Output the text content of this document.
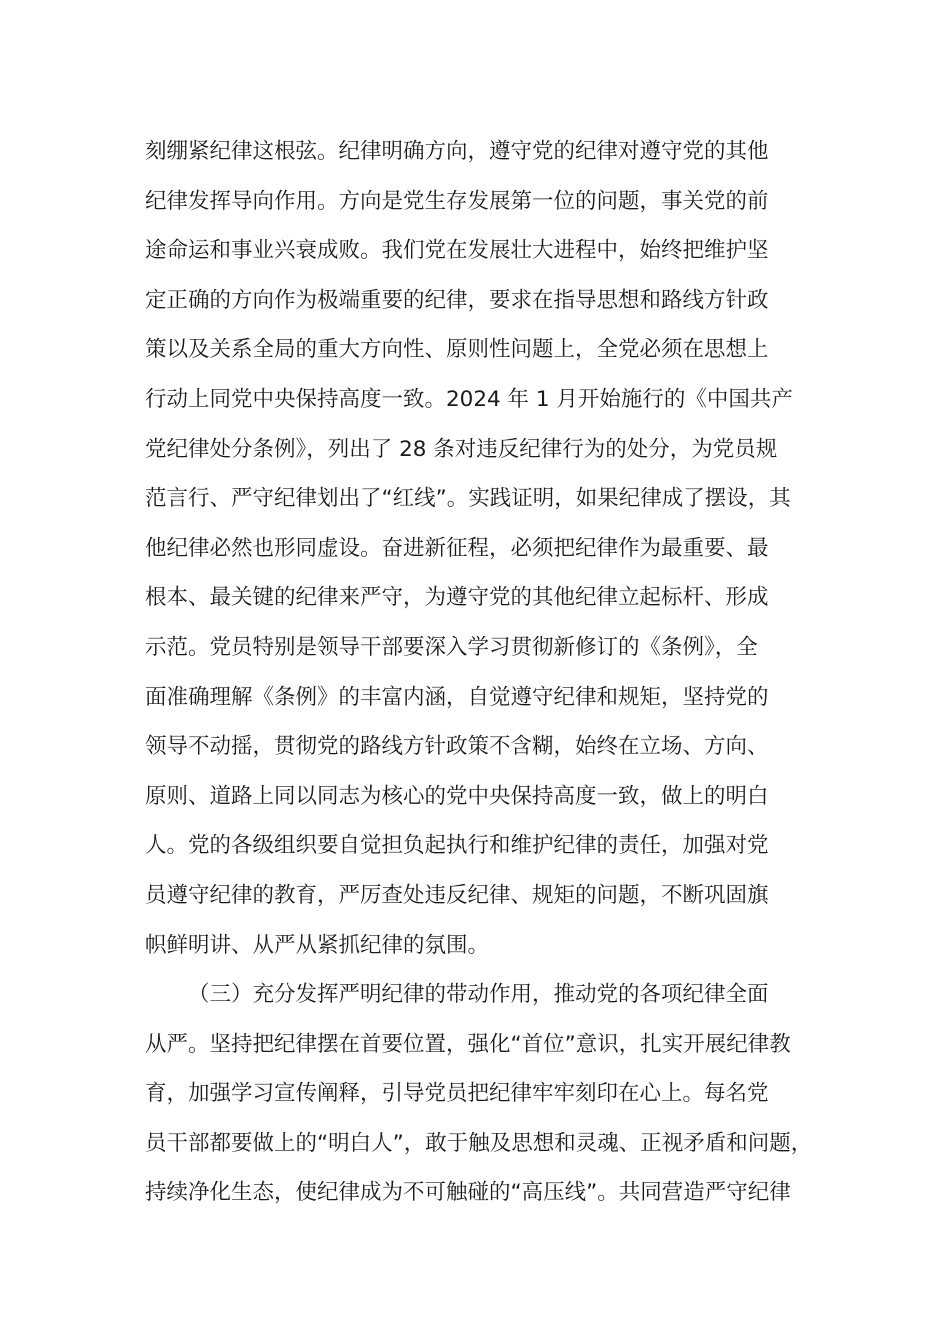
刻绷紧纪律这根弦。纪律明确方向，遵守党的纪律对遵守党的其他
纪律发挥导向作用。方向是党生存发展第一位的问题，事关党的前
途命运和事业兴衰成败。我们党在发展壮大进程中，始终把维护坚
定正确的方向作为极端重要的纪律，要求在指导思想和路线方针政
策以及关系全局的重大方向性、原则性问题上，全党必须在思想上
行动上同党中央保持高度一致。2024 年 1 月开始施行的《中国共产
党纪律处分条例》，列出了 28 条对违反纪律行为的处分，为党员规
范言行、严守纪律划出了“红线”。实践证明，如果纪律成了摆设，其
他纪律必然也形同虚设。奋进新征程，必须把纪律作为最重要、最
根本、最关键的纪律来严守，为遵守党的其他纪律立起标杆、形成
示范。党员特别是领导干部要深入学习贯彻新修订的《条例》，全
面准确理解《条例》的丰富内涵，自觉遵守纪律和规矩，坚持党的
领导不动摇，贯彻党的路线方针政策不含糊，始终在立场、方向、
原则、道路上同以同志为核心的党中央保持高度一致，做上的明白
人。党的各级组织要自觉担负起执行和维护纪律的责任，加强对党
员遵守纪律的教育，严厉查处违反纪律、规矩的问题，不断巩固旗
帜鲜明讲、从严从紧抓纪律的氛围。
（三）充分发挥严明纪律的带动作用，推动党的各项纪律全面
从严。坚持把纪律摆在首要位置，强化“首位”意识，扎实开展纪律教
育，加强学习宣传阐释，引导党员把纪律牢牢刻印在心上。每名党
员干部都要做上的“明白人”，敢于触及思想和灵魂、正视矛盾和问题，
持续净化生态，使纪律成为不可触碰的“高压线”。共同营造严守纪律
